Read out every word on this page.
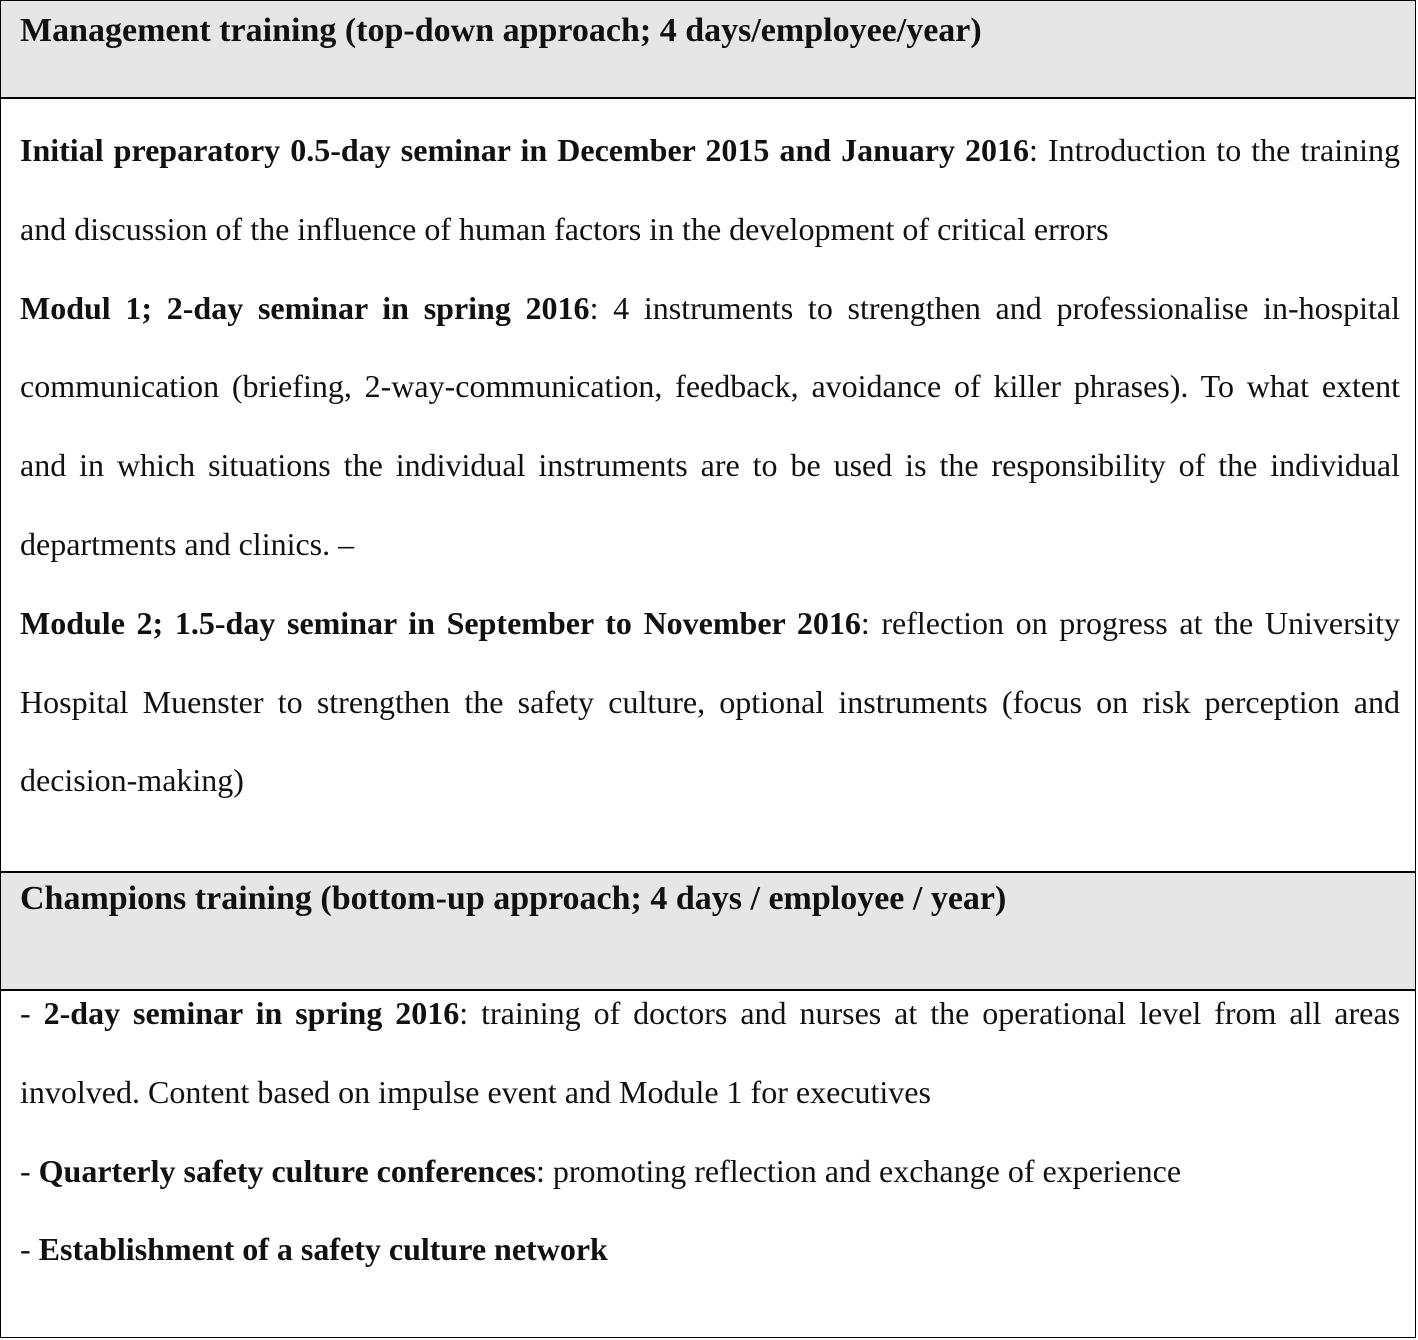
Management training (top-down approach; 4 days/employee/year)

Initial preparatory 0.5-day seminar in December 2015 and January 2016: Introduction to the training and discussion of the influence of human factors in the development of critical errors

Modul 1; 2-day seminar in spring 2016: 4 instruments to strengthen and professionalise in-hospital communication (briefing, 2-way-communication, feedback, avoidance of killer phrases). To what extent and in which situations the individual instruments are to be used is the responsibility of the individual departments and clinics. –

Module 2; 1.5-day seminar in September to November 2016: reflection on progress at the University Hospital Muenster to strengthen the safety culture, optional instruments (focus on risk perception and decision-making)

Champions training (bottom-up approach; 4 days / employee / year)

- 2-day seminar in spring 2016: training of doctors and nurses at the operational level from all areas involved. Content based on impulse event and Module 1 for executives

- Quarterly safety culture conferences: promoting reflection and exchange of experience

- Establishment of a safety culture network
